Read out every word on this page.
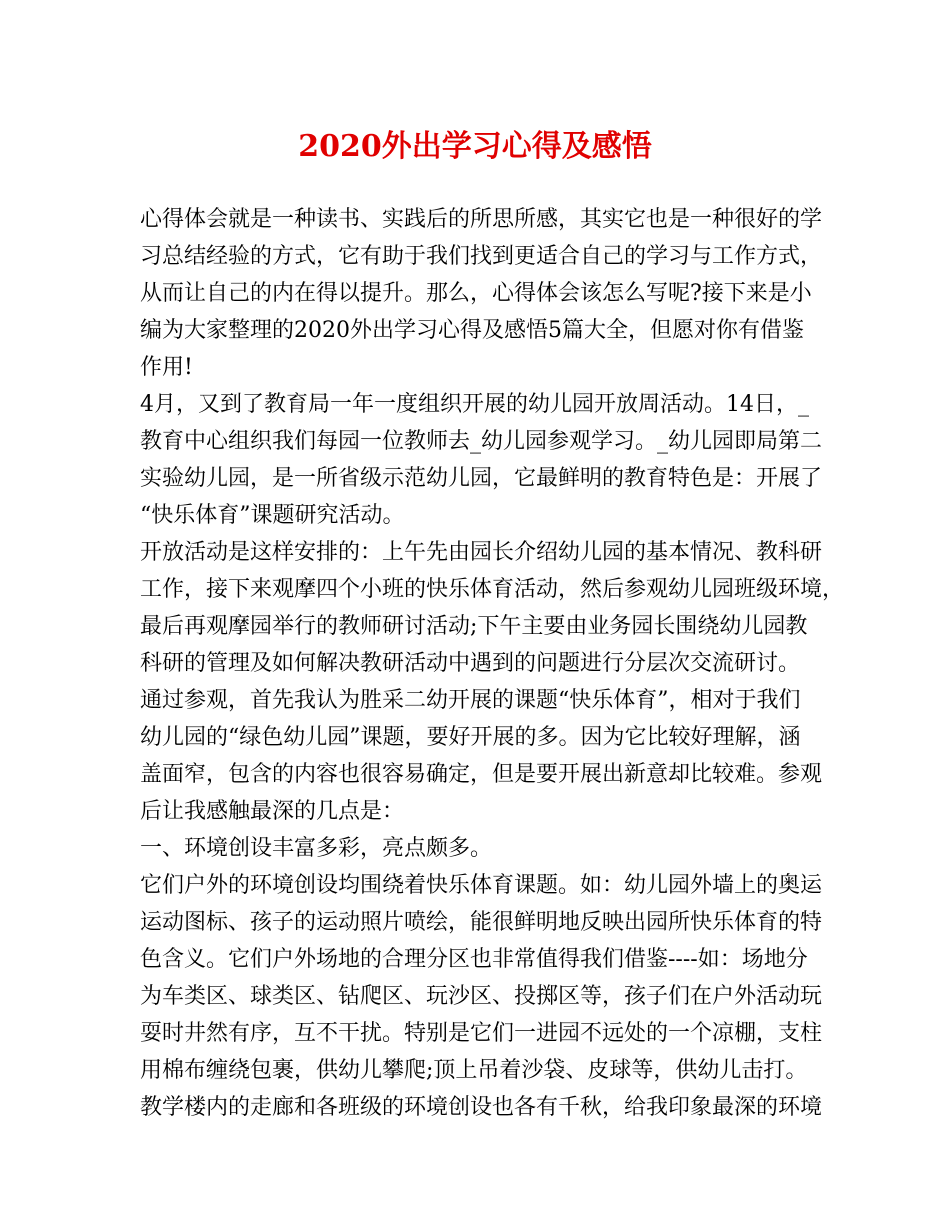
2020外出学习心得及感悟
心得体会就是一种读书、实践后的所思所感，其实它也是一种很好的学
习总结经验的方式，它有助于我们找到更适合自己的学习与工作方式，
从而让自己的内在得以提升。那么，心得体会该怎么写呢?接下来是小
编为大家整理的2020外出学习心得及感悟5篇大全，但愿对你有借鉴
作用!
4月，又到了教育局一年一度组织开展的幼儿园开放周活动。14日，_
教育中心组织我们每园一位教师去_幼儿园参观学习。_幼儿园即局第二
实验幼儿园，是一所省级示范幼儿园，它最鲜明的教育特色是：开展了
“快乐体育”课题研究活动。
开放活动是这样安排的：上午先由园长介绍幼儿园的基本情况、教科研
工作，接下来观摩四个小班的快乐体育活动，然后参观幼儿园班级环境，
最后再观摩园举行的教师研讨活动;下午主要由业务园长围绕幼儿园教
科研的管理及如何解决教研活动中遇到的问题进行分层次交流研讨。
通过参观，首先我认为胜采二幼开展的课题“快乐体育”，相对于我们
幼儿园的“绿色幼儿园”课题，要好开展的多。因为它比较好理解，涵
盖面窄，包含的内容也很容易确定，但是要开展出新意却比较难。参观
后让我感触最深的几点是：
一、环境创设丰富多彩，亮点颇多。
它们户外的环境创设均围绕着快乐体育课题。如：幼儿园外墙上的奥运
运动图标、孩子的运动照片喷绘，能很鲜明地反映出园所快乐体育的特
色含义。它们户外场地的合理分区也非常值得我们借鉴----如：场地分
为车类区、球类区、钻爬区、玩沙区、投掷区等，孩子们在户外活动玩
耍时井然有序，互不干扰。特别是它们一进园不远处的一个凉棚，支柱
用棉布缠绕包裹，供幼儿攀爬;顶上吊着沙袋、皮球等，供幼儿击打。
教学楼内的走廊和各班级的环境创设也各有千秋，给我印象最深的环境
